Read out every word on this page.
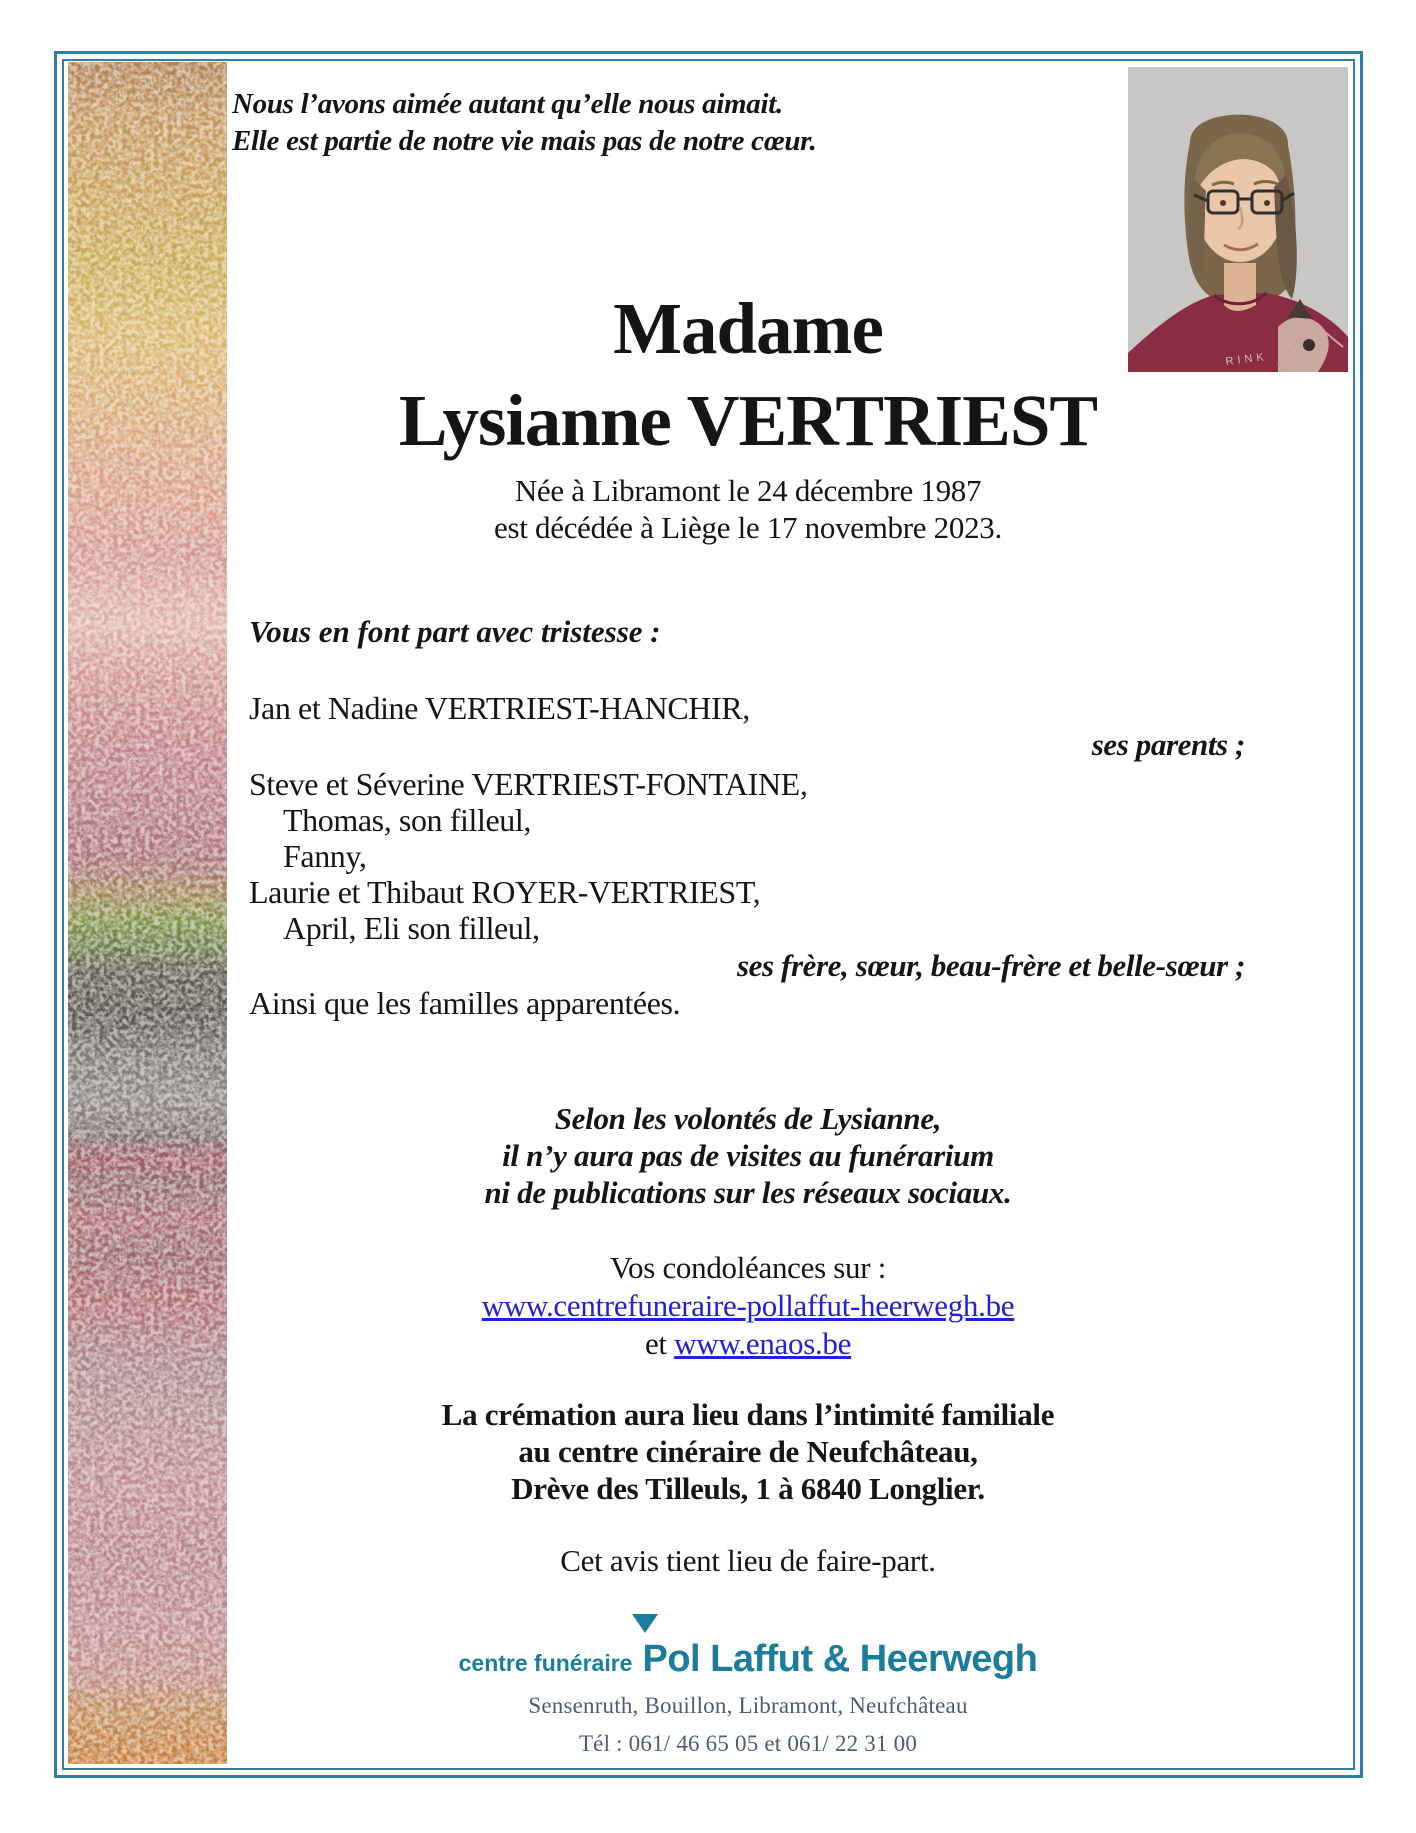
RINK
Nous l’avons aimée autant qu’elle nous aimait.
Elle est partie de notre vie mais pas de notre cœur.
Madame
Lysianne VERTRIEST
Née à Libramont le 24 décembre 1987
est décédée à Liège le 17 novembre 2023.
Vous en font part avec tristesse :
Jan et Nadine VERTRIEST-HANCHIR,
ses parents ;
Steve et Séverine VERTRIEST-FONTAINE,
Thomas, son filleul,
Fanny,
Laurie et Thibaut ROYER-VERTRIEST,
April, Eli son filleul,
ses frère, sœur, beau-frère et belle-sœur ;
Ainsi que les familles apparentées.
Selon les volontés de Lysianne,
il n’y aura pas de visites au funérarium
ni de publications sur les réseaux sociaux.
Vos condoléances sur :
www.centrefuneraire-pollaffut-heerwegh.be
et www.enaos.be
La crémation aura lieu dans l’intimité familiale
au centre cinéraire de Neufchâteau,
Drève des Tilleuls, 1 à 6840 Longlier.
Cet avis tient lieu de faire-part.
centre funéraire Pol Laffut & Heerwegh
Sensenruth, Bouillon, Libramont, Neufchâteau
Tél : 061/ 46 65 05 et 061/ 22 31 00
